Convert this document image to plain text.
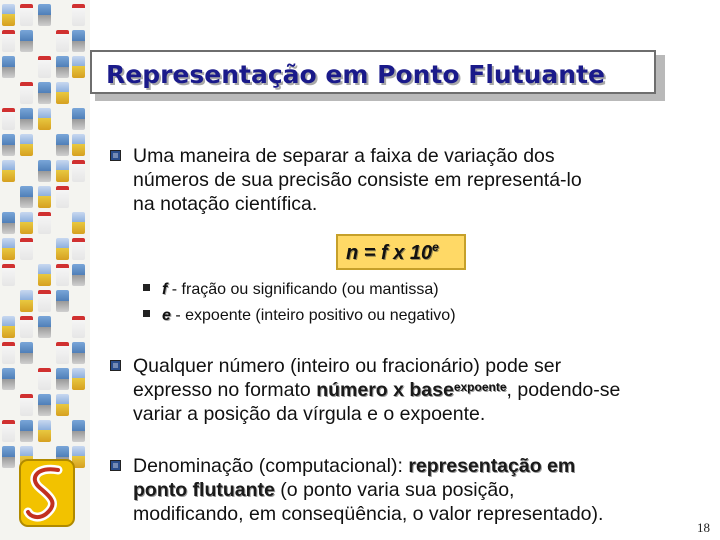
Representação em Ponto Flutuante
Uma maneira de separar a faixa de variação dos
números de sua precisão consiste em representá-lo
na notação científica.
n = f x 10e
f - fração ou significando (ou mantissa)
e - expoente (inteiro positivo ou negativo)
Qualquer número (inteiro ou fracionário) pode ser
expresso no formato número x base$^{expoente}$, podendo-se
variar a posição da vírgula e o expoente.
Denominação (computacional): representação em
ponto flutuante (o ponto varia sua posição,
modificando, em conseqüência, o valor representado).
18
